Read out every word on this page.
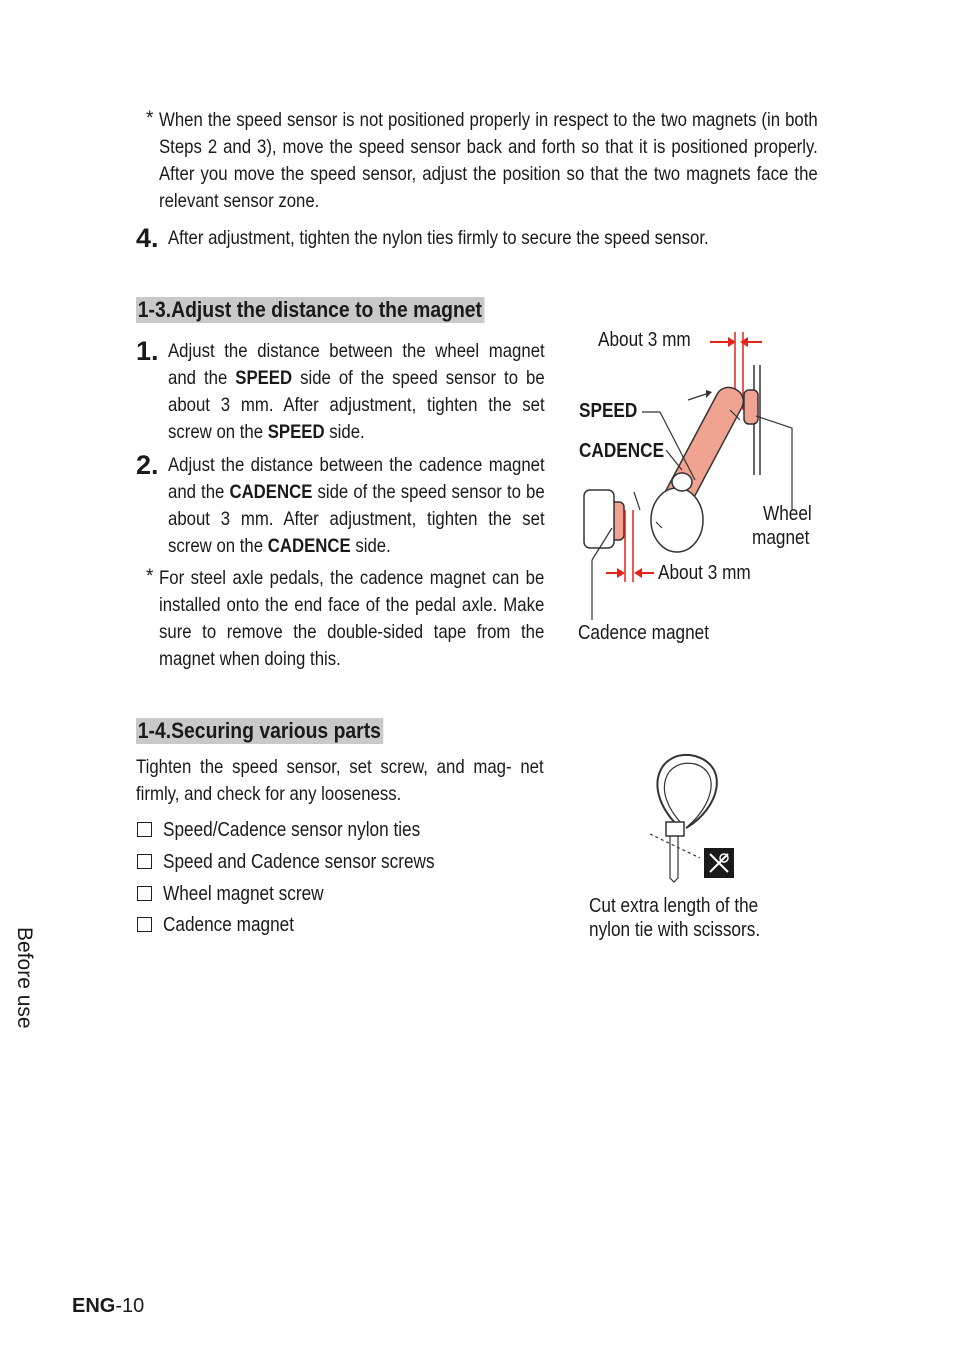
* When the speed sensor is not positioned properly in respect to the two magnets (in both Steps 2 and 3), move the speed sensor back and forth so that it is positioned properly. After you move the speed sensor, adjust the position so that the two magnets face the relevant sensor zone.
4. After adjustment, tighten the nylon ties firmly to secure the speed sensor.
1-3.Adjust the distance to the magnet
1. Adjust the distance between the wheel magnet and the SPEED side of the speed sensor to be about 3 mm. After adjustment, tighten the set screw on the SPEED side.
2. Adjust the distance between the cadence magnet and the CADENCE side of the speed sensor to be about 3 mm. After adjustment, tighten the set screw on the CADENCE side.
* For steel axle pedals, the cadence magnet can be installed onto the end face of the pedal axle. Make sure to remove the double-sided tape from the magnet when doing this.
About 3 mm
SPEED
CADENCE
Wheel
magnet
About 3 mm
Cadence magnet
1-4.Securing various parts
Tighten the speed sensor, set screw, and mag- net firmly, and check for any looseness.
Speed/Cadence sensor nylon ties
Speed and Cadence sensor screws
Wheel magnet screw
Cadence magnet
Cut extra length of the
nylon tie with scissors.
Before use
ENG-10
